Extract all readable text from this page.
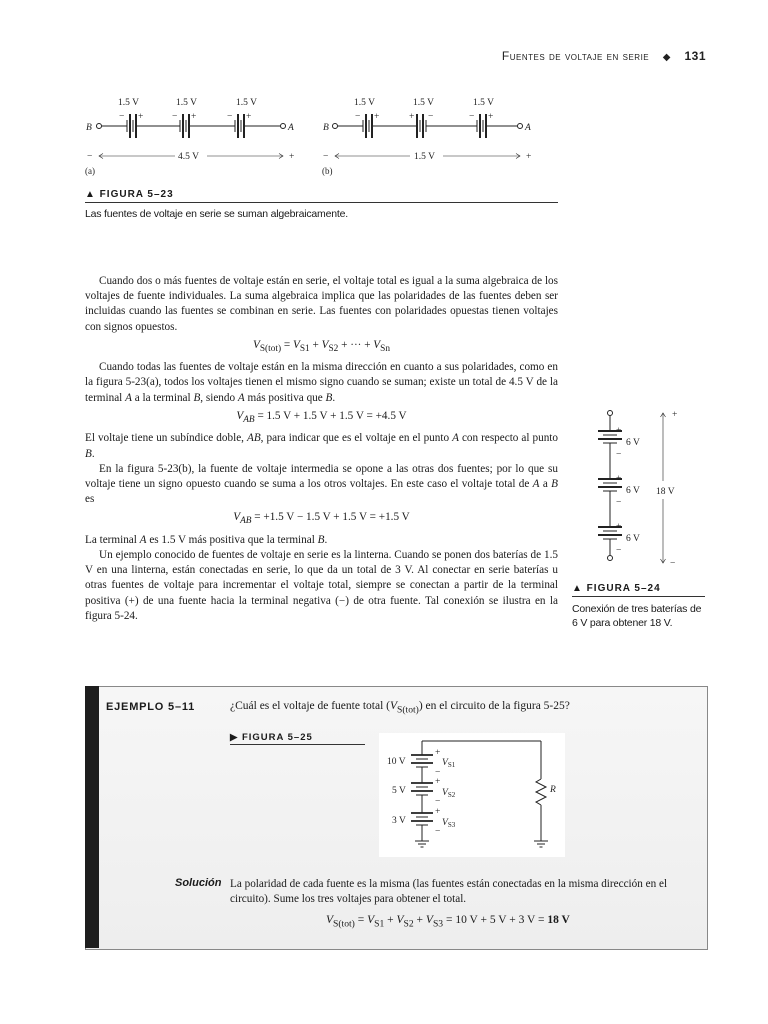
Fuentes de voltaje en serie ◆ 131
1.5 V	1.5 V	1.5 V
− +	− +	− +
B	A
−	4.5 V	+
(a)
1.5 V	1.5 V	1.5 V
− +	+ −	− +
B	A
−	1.5 V	+
(b)
▲ FIGURA 5–23
Las fuentes de voltaje en serie se suman algebraicamente.

Cuando dos o más fuentes de voltaje están en serie, el voltaje total es igual a la suma algebraica de los voltajes de fuente individuales. La suma algebraica implica que las polaridades de las fuentes deben ser incluidas cuando las fuentes se combinan en serie. Las fuentes con polaridades opuestas tienen voltajes con signos opuestos.

$V_{S(tot)} = V_{S1} + V_{S2}$ + ··· + $V_{Sn}$

Cuando todas las fuentes de voltaje están en la misma dirección en cuanto a sus polaridades, como en la figura 5-23(a), todos los voltajes tienen el mismo signo cuando se suman; existe un total de 4.5 V de la terminal A a la terminal B, siendo A más positiva que B.

$V_{AB} = 1.5$ V + 1.5 V + 1.5 V = +4.5 V

El voltaje tiene un subíndice doble, AB, para indicar que es el voltaje en el punto A con respecto al punto B.

En la figura 5-23(b), la fuente de voltaje intermedia se opone a las otras dos fuentes; por lo que su voltaje tiene un signo opuesto cuando se suma a los otros voltajes. En este caso el voltaje total de A a B es

$V_{AB} = +1.5$ V − 1.5 V + 1.5 V = +1.5 V

La terminal A es 1.5 V más positiva que la terminal B.

Un ejemplo conocido de fuentes de voltaje en serie es la linterna. Cuando se ponen dos baterías de 1.5 V en una linterna, están conectadas en serie, lo que da un total de 3 V. Al conectar en serie baterías u otras fuentes de voltaje para incrementar el voltaje total, siempre se conectan a partir de la terminal positiva (+) de una fuente hacia la terminal negativa (−) de otra fuente. Tal conexión se ilustra en la figura 5-24.

+
6 V
−
+
6 V
−
+
6 V
−
+
18 V
−
▲ FIGURA 5–24
Conexión de tres baterías de
6 V para obtener 18 V.
EJEMPLO 5–11	¿Cuál es el voltaje de fuente total $(V_{S(tot)})$ en el circuito de la figura 5-25?
▶ FIGURA 5–25
10 V
5 V
3 V
+
−
+
−
+
−
$V_{S1}$
$V_{S2}$
$V_{S3}$
R
Solución La polaridad de cada fuente es la misma (las fuentes están conectadas en la misma dirección en el circuito). Sume los tres voltajes para obtener el total.
$V_{S(tot)} = V_{S1} + V_{S2} + V_{S3} = 10$ V + 5 V + 3 V = 18 V
